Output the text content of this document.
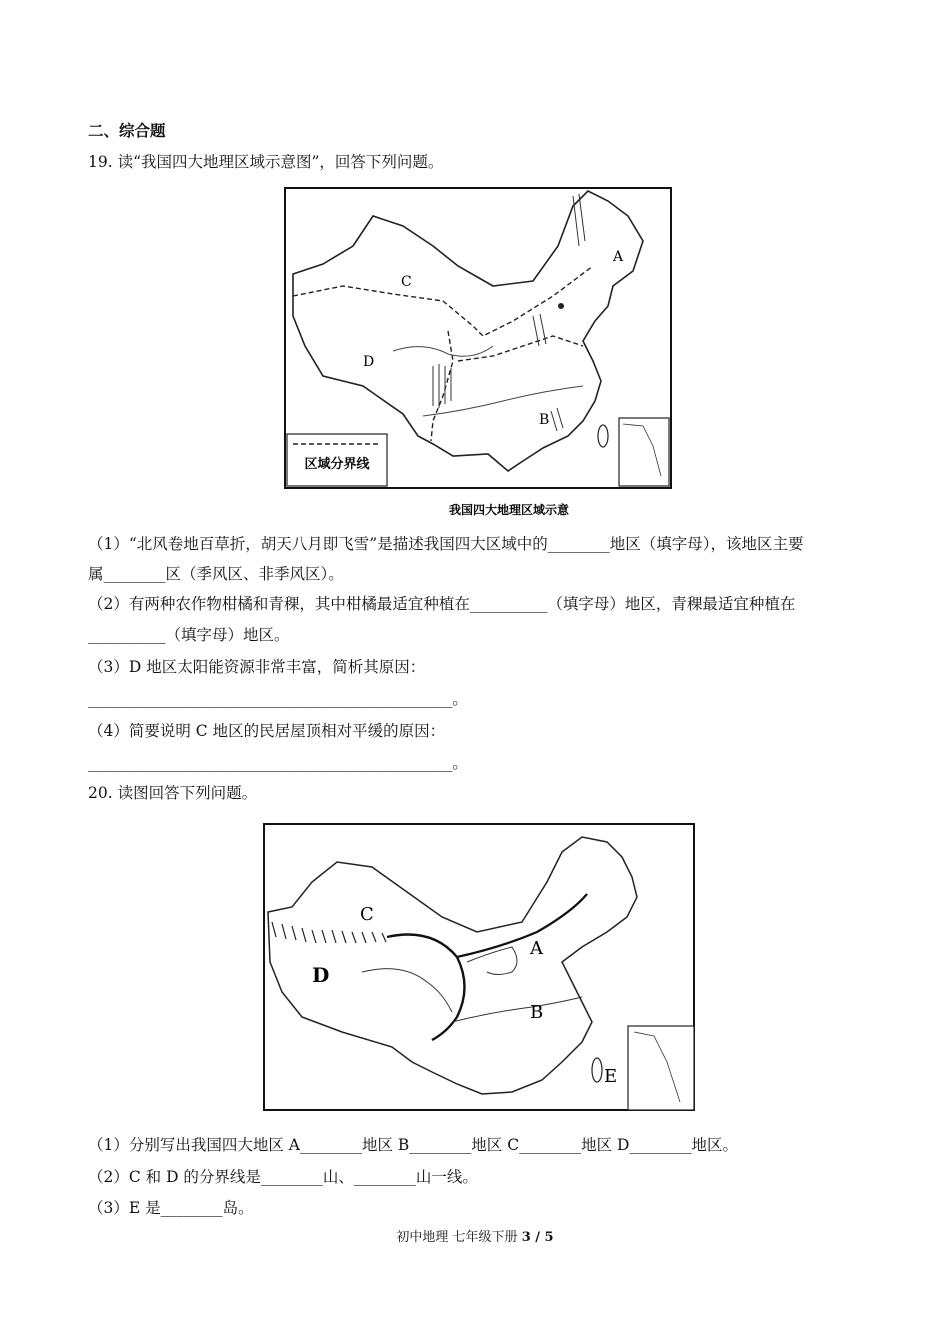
二、综合题
19. 读“我国四大地理区域示意图”，回答下列问题。
区域分界线
A
C
D
B
我国四大地理区域示意
（1）“北风卷地百草折，胡天八月即飞雪”是描述我国四大区域中的________地区（填字母），该地区主要
属________区（季风区、非季风区）。
（2）有两种农作物柑橘和青稞，其中柑橘最适宜种植在__________（填字母）地区，青稞最适宜种植在
__________（填字母）地区。
（3）D 地区太阳能资源非常丰富，简析其原因：
_______________________________________________。
（4）简要说明 C 地区的民居屋顶相对平缓的原因：
_______________________________________________。
20. 读图回答下列问题。
C
A
D
B
E
（1）分别写出我国四大地区 A________地区 B________地区 C________地区 D________地区。
（2）C 和 D 的分界线是________山、________山一线。
（3）E 是________岛。
初中地理 七年级下册 3 / 5
